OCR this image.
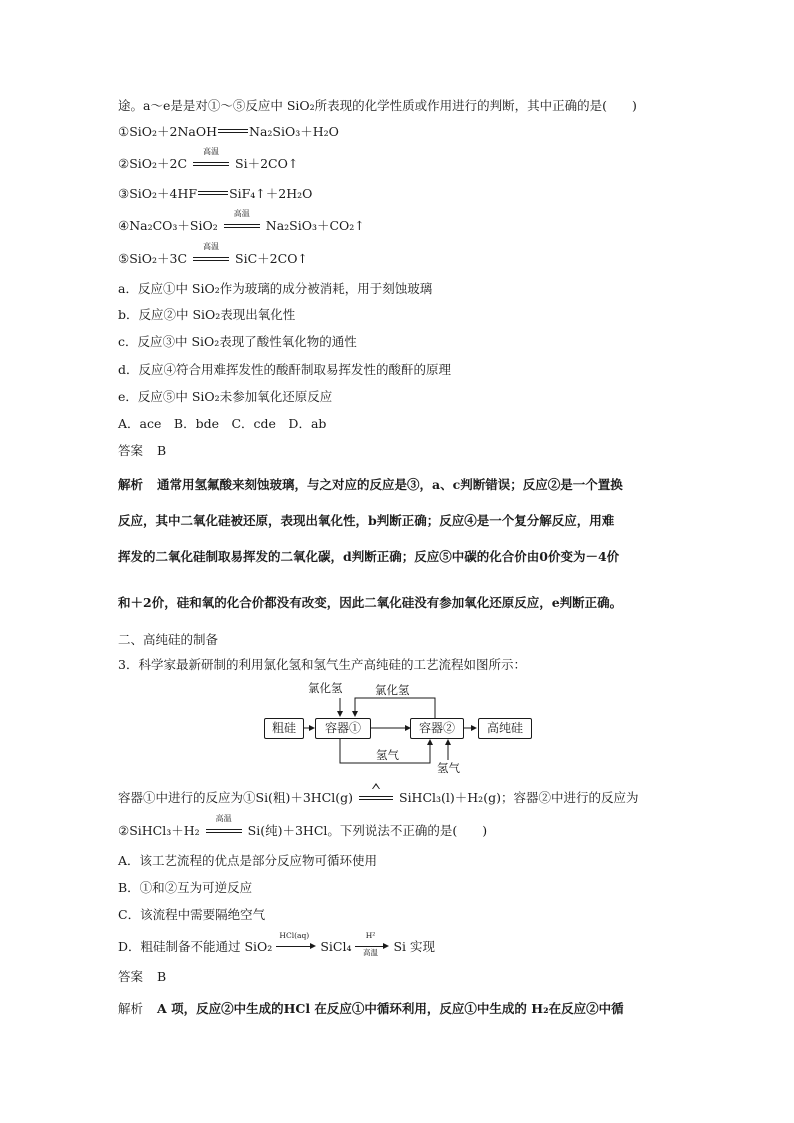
途。a～e是是对①～⑤反应中 SiO₂所表现的化学性质或作用进行的判断，其中正确的是(　　)
①SiO₂＋2NaOH	Na₂SiO₃＋H₂O
②SiO₂＋2C
高温
Si＋2CO↑
③SiO₂＋4HF	SiF₄↑＋2H₂O
④Na₂CO₃＋SiO₂
高温
Na₂SiO₃＋CO₂↑
⑤SiO₂＋3C
高温
SiC＋2CO↑
a．反应①中 SiO₂作为玻璃的成分被消耗，用于刻蚀玻璃
b．反应②中 SiO₂表现出氧化性
c．反应③中 SiO₂表现了酸性氧化物的通性
d．反应④符合用难挥发性的酸酐制取易挥发性的酸酐的原理
e．反应⑤中 SiO₂未参加氧化还原反应
A．ace　B．bde　C．cde　D．ab
答案 B
解析 通常用氢氟酸来刻蚀玻璃，与之对应的反应是③，a、c判断错误；反应②是一个置换
反应，其中二氧化硅被还原，表现出氧化性，b判断正确；反应④是一个复分解反应，用难
挥发的二氧化硅制取易挥发的二氧化碳，d判断正确；反应⑤中碳的化合价由0价变为－4价
和＋2价，硅和氧的化合价都没有改变，因此二氧化硅没有参加氧化还原反应，e判断正确。
二、高纯硅的制备
3．科学家最新研制的利用氯化氢和氢气生产高纯硅的工艺流程如图所示：
粗硅	容器①	容器②	高纯硅
氯化氢	氯化氢
氢气
氢气
容器①中进行的反应为①Si(粗)＋3HCl(g)	SiHCl₃(l)＋H₂(g)；容器②中进行的反应为
②SiHCl₃＋H₂
高温
Si(纯)＋3HCl。下列说法不正确的是(　　)
A．该工艺流程的优点是部分反应物可循环使用
B．①和②互为可逆反应
C．该流程中需要隔绝空气
D．粗硅制备不能通过 SiO₂
HCl(aq)
SiCl₄
H²
高温	Si 实现
答案 B
解析 A 项，反应②中生成的HCl 在反应①中循环利用，反应①中生成的 H₂在反应②中循
